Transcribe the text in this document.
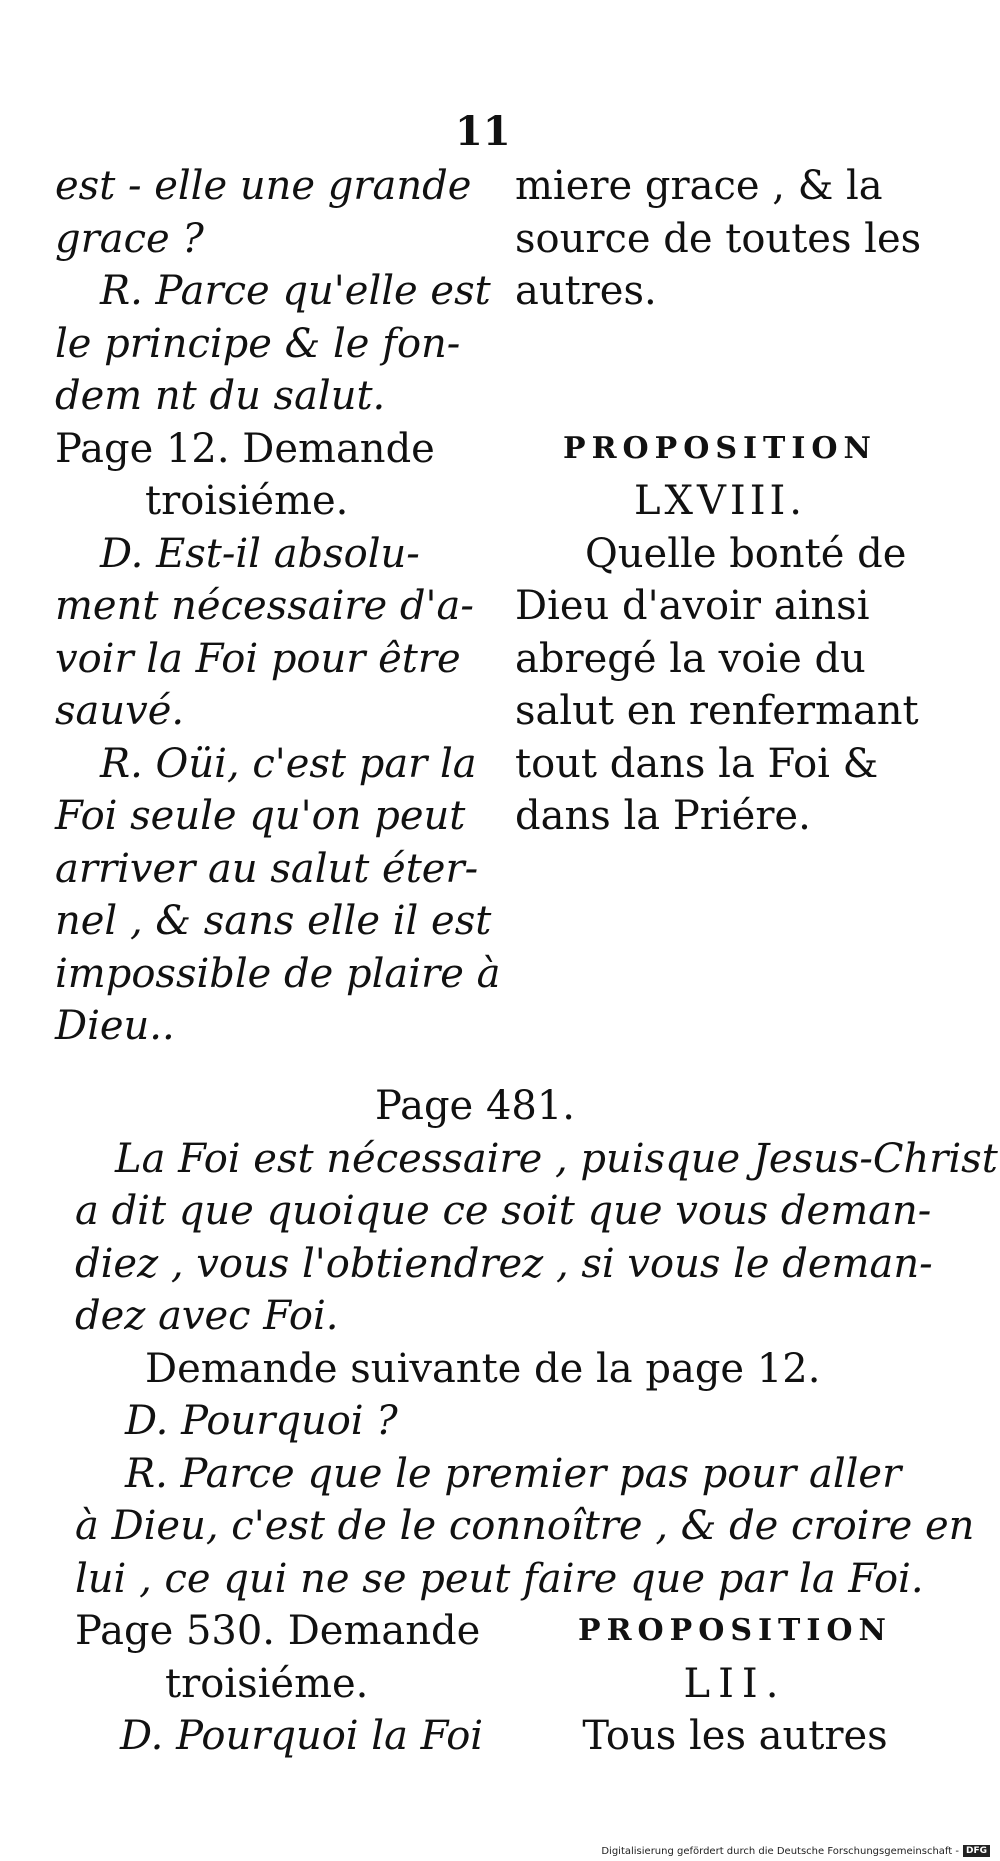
11
est - elle une grande
grace ?
R. Parce qu'elle est
le principe & le fon-
dem nt du salut.
Page 12. Demande
troisiéme.
D. Est-il absolu-
ment nécessaire d'a-
voir la Foi pour être
sauvé.
R. Oüi, c'est par la
Foi seule qu'on peut
arriver au salut éter-
nel , & sans elle il est
impossible de plaire à
Dieu..
miere grace , & la
source de toutes les
autres.

PROPOSITION
LXVIII.
Quelle bonté de
Dieu d'avoir ainsi
abregé la voie du
salut en renfermant
tout dans la Foi &
dans la Priére.
Page 481.
La Foi est nécessaire , puisque Jesus-Christ
a dit que quoique ce soit que vous deman-
diez , vous l'obtiendrez , si vous le deman-
dez avec Foi.
Demande suivante de la page 12.
D. Pourquoi ?
R. Parce que le premier pas pour aller
à Dieu, c'est de le connoître , & de croire en
lui , ce qui ne se peut faire que par la Foi.
Page 530. Demande
troisiéme.
D. Pourquoi la Foi
PROPOSITION
LII.
Tous les autres
Digitalisierung gefördert durch die Deutsche Forschungsgemeinschaft - DFG
